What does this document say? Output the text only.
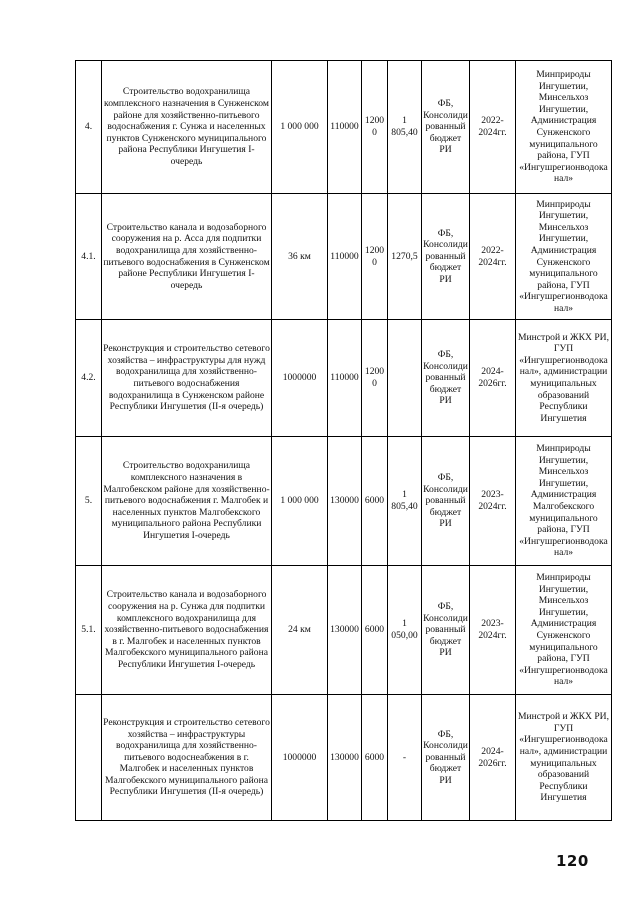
4.	Строительство водохранилища комплексного назначения в Сунженском районе для хозяйственно-питьевого водоснабжения г. Сунжа и населенных пунктов Сунженского муниципального района Республики Ингушетия I-очередь	1 000 000	110000	12000	1 805,40	ФБ, Консолидированный бюджет РИ	2022-2024гг.	Минприроды Ингушетии, Минсельхоз Ингушетии, Администрация Сунженского муниципального района, ГУП «Ингушрегионводоканал»
4.1.	Строительство канала и водозаборного сооружения на р. Асса для подпитки водохранилища для хозяйственно-питьевого водоснабжения в Сунженском районе Республики Ингушетия I-очередь	36 км	110000	12000	1270,5	ФБ, Консолидированный бюджет РИ	2022-2024гг.	Минприроды Ингушетии, Минсельхоз Ингушетии, Администрация Сунженского муниципального района, ГУП «Ингушрегионводоканал»
4.2.	Реконструкция и строительство сетевого хозяйства – инфраструктуры для нужд водохранилища для хозяйственно-питьевого водоснабжения водохранилища в Сунженском районе Республики Ингушетия (II-я очередь)	1000000	110000	12000		ФБ, Консолидированный бюджет РИ	2024-2026гг.	Минстрой и ЖКХ РИ, ГУП «Ингушрегионводоканал», администрации муниципальных образований Республики Ингушетия
5.	Строительство водохранилища комплексного назначения в Малгобекском районе для хозяйственно-питьевого водоснабжения г. Малгобек и населенных пунктов Малгобекского муниципального района Республики Ингушетия I-очередь	1 000 000	130000	6000	1 805,40	ФБ, Консолидированный бюджет РИ	2023-2024гг.	Минприроды Ингушетии, Минсельхоз Ингушетии, Администрация Малгобекского муниципального района, ГУП «Ингушрегионводоканал»
5.1.	Строительство канала и водозаборного сооружения на р. Сунжа для подпитки комплексного водохранилища для хозяйственно-питьевого водоснабжения в г. Малгобек и населенных пунктов Малгобекского муниципального района Республики Ингушетия I-очередь	24 км	130000	6000	1 050,00	ФБ, Консолидированный бюджет РИ	2023-2024гг.	Минприроды Ингушетии, Минсельхоз Ингушетии, Администрация Сунженского муниципального района, ГУП «Ингушрегионводоканал»
	Реконструкция и строительство сетевого хозяйства – инфраструктуры водохранилища для хозяйственно-питьевого водоснеабжения в г. Малгобек и населенных пунктов Малгобекского муниципального района Республики Ингушетия (II-я очередь)	1000000	130000	6000	-	ФБ, Консолидированный бюджет РИ	2024-2026гг.	Минстрой и ЖКХ РИ, ГУП «Ингушрегионводоканал», администрации муниципальных образований Республики Ингушетия
120
